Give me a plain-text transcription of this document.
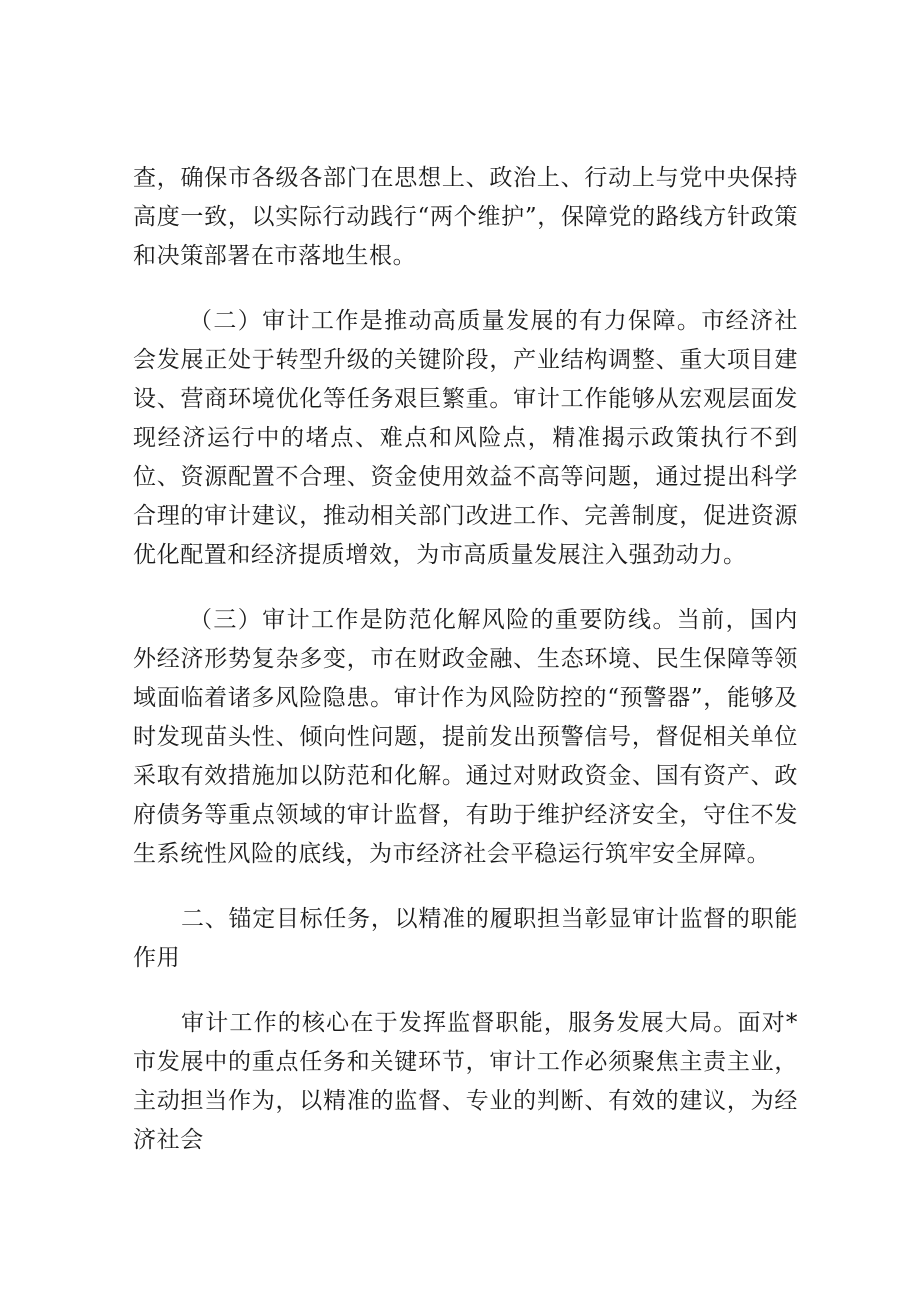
查，确保市各级各部门在思想上、政治上、行动上与党中央保持高度一致，以实际行动践行“两个维护”，保障党的路线方针政策和决策部署在市落地生根。

（二）审计工作是推动高质量发展的有力保障。市经济社会发展正处于转型升级的关键阶段，产业结构调整、重大项目建设、营商环境优化等任务艰巨繁重。审计工作能够从宏观层面发现经济运行中的堵点、难点和风险点，精准揭示政策执行不到位、资源配置不合理、资金使用效益不高等问题，通过提出科学合理的审计建议，推动相关部门改进工作、完善制度，促进资源优化配置和经济提质增效，为市高质量发展注入强劲动力。

（三）审计工作是防范化解风险的重要防线。当前，国内外经济形势复杂多变，市在财政金融、生态环境、民生保障等领域面临着诸多风险隐患。审计作为风险防控的“预警器”，能够及时发现苗头性、倾向性问题，提前发出预警信号，督促相关单位采取有效措施加以防范和化解。通过对财政资金、国有资产、政府债务等重点领域的审计监督，有助于维护经济安全，守住不发生系统性风险的底线，为市经济社会平稳运行筑牢安全屏障。

二、锚定目标任务，以精准的履职担当彰显审计监督的职能作用

审计工作的核心在于发挥监督职能，服务发展大局。面对*市发展中的重点任务和关键环节，审计工作必须聚焦主责主业，主动担当作为，以精准的监督、专业的判断、有效的建议，为经济社会
